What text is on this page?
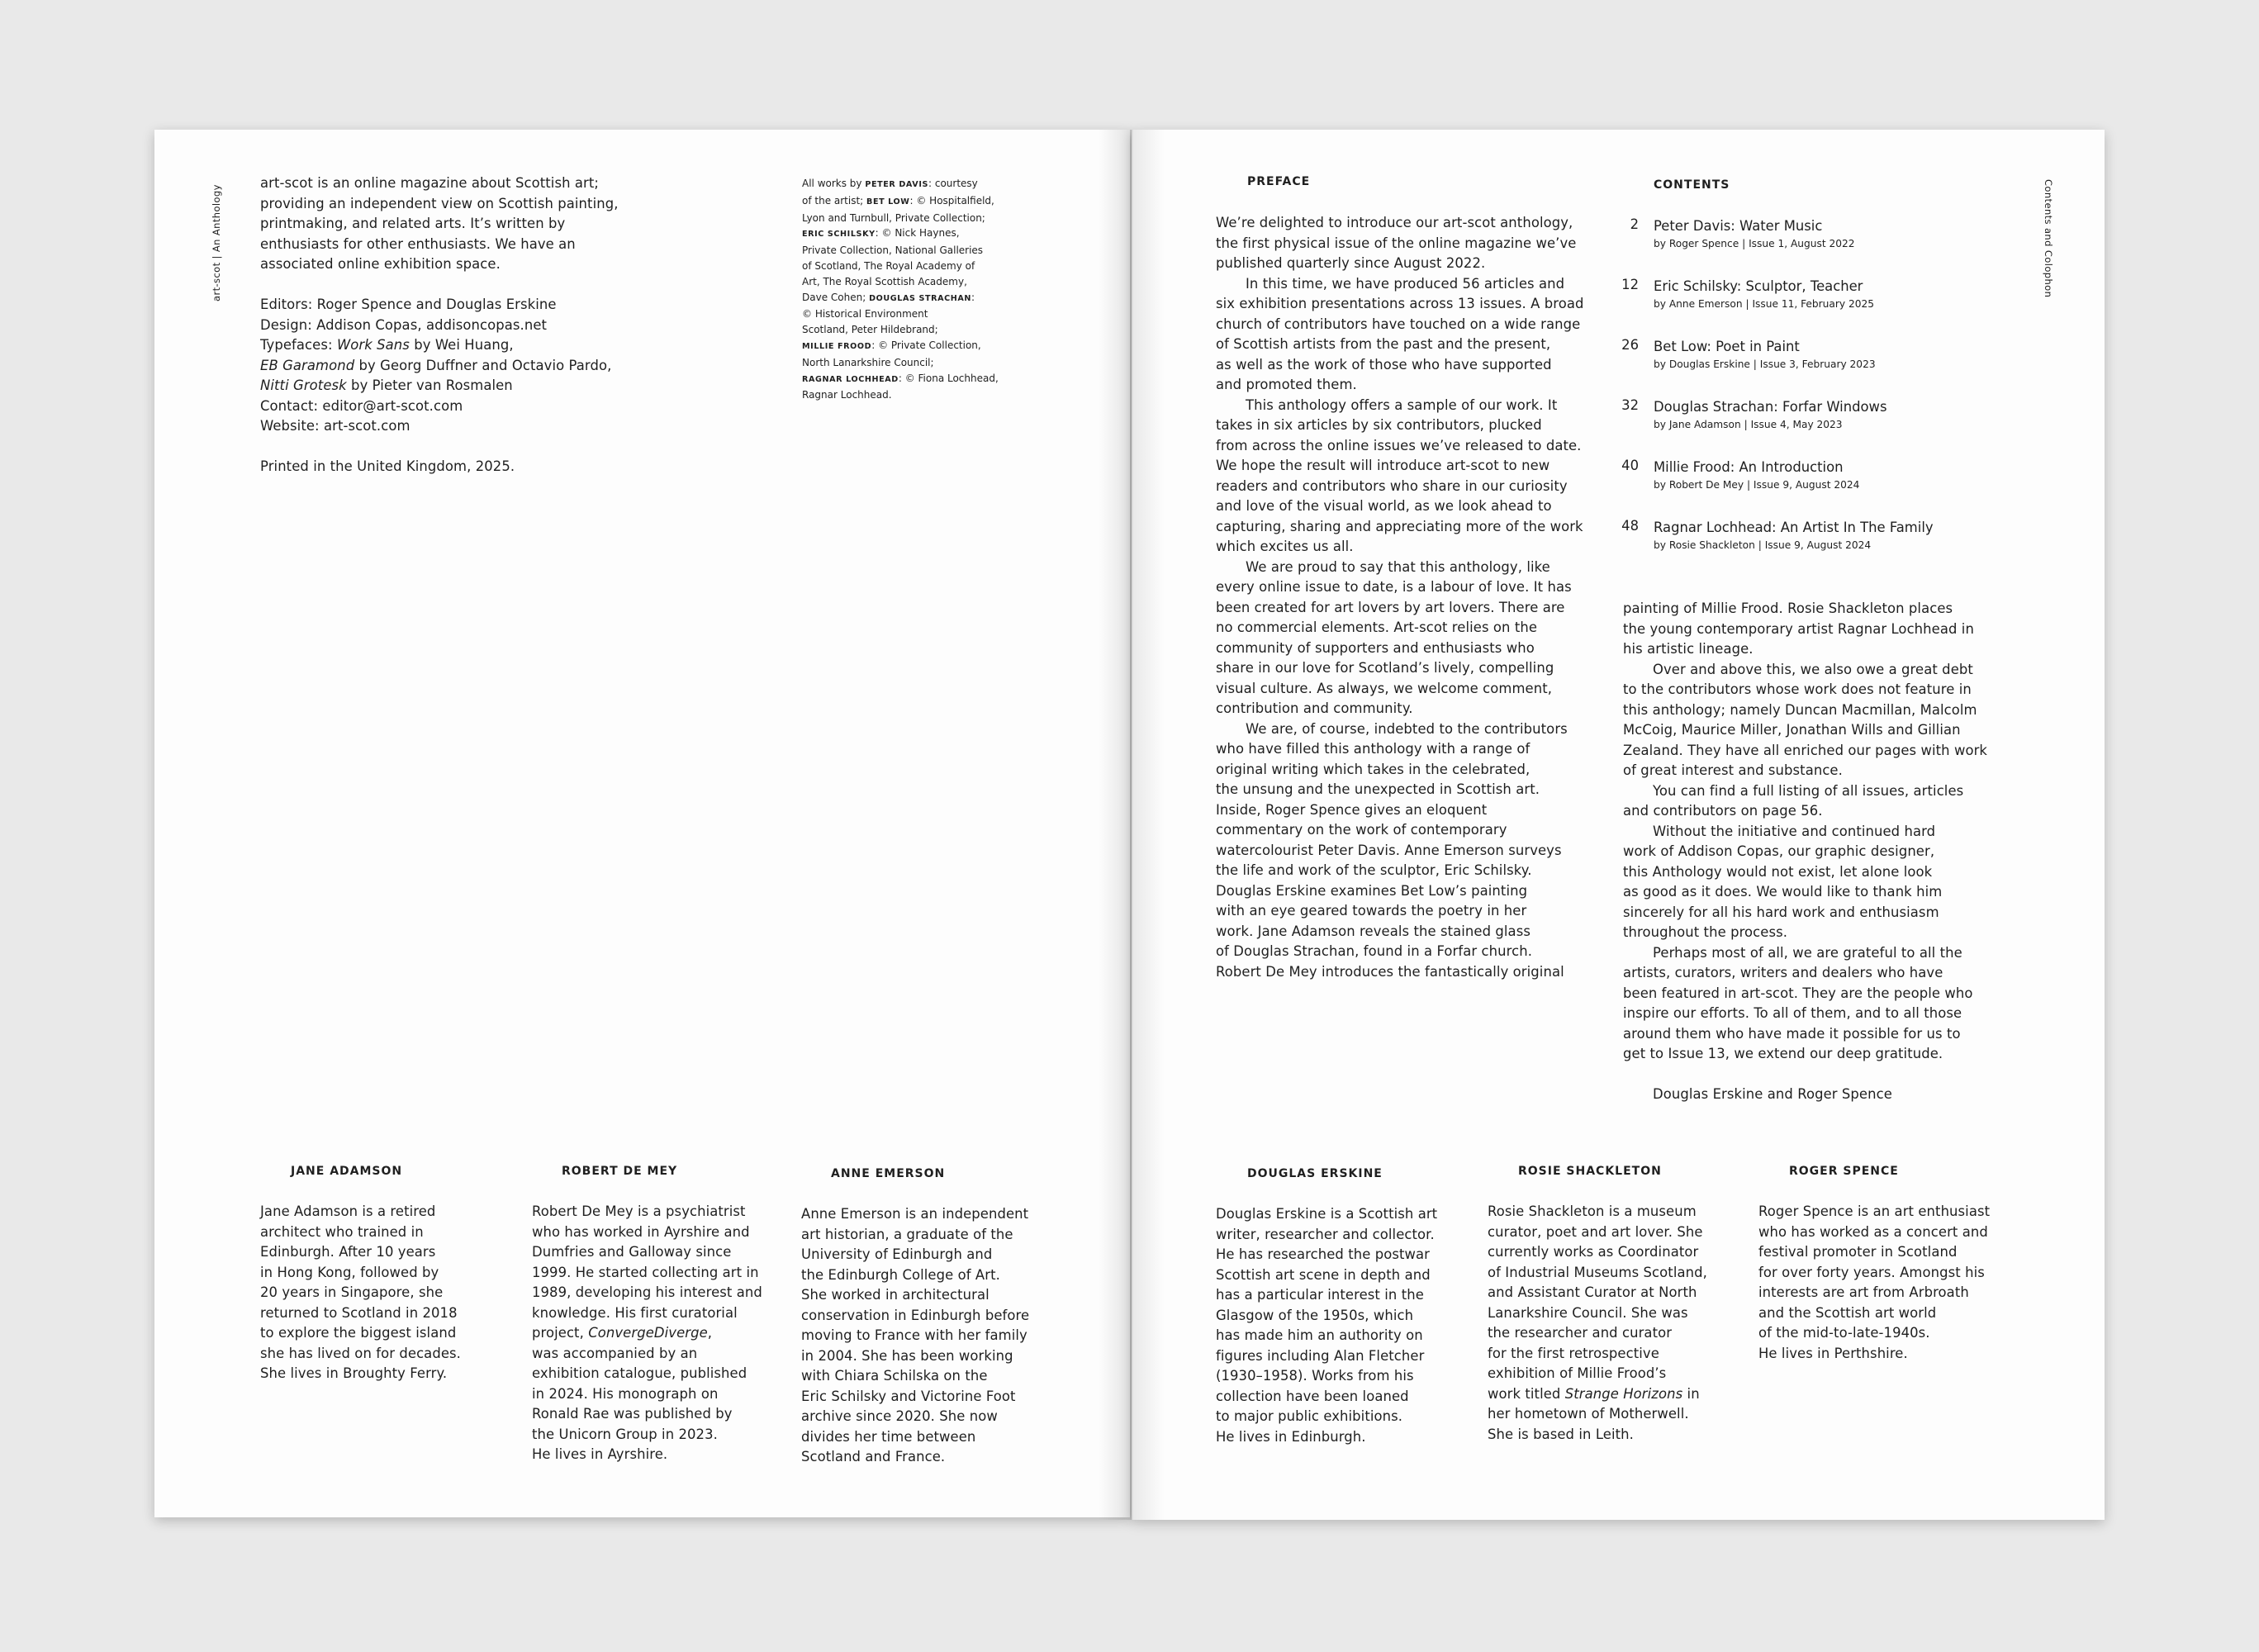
art-scot | An Anthology
art-scot is an online magazine about Scottish art;
providing an independent view on Scottish painting,
printmaking, and related arts. It’s written by
enthusiasts for other enthusiasts. We have an
associated online exhibition space.
Editors: Roger Spence and Douglas Erskine
Design: Addison Copas, addisoncopas.net
Typefaces: Work Sans by Wei Huang,
EB Garamond by Georg Duffner and Octavio Pardo,
Nitti Grotesk by Pieter van Rosmalen
Contact: editor@art-scot.com
Website: art-scot.com
Printed in the United Kingdom, 2025.
All works by PETER DAVIS: courtesy
of the artist; BET LOW: © Hospitalfield,
Lyon and Turnbull, Private Collection;
ERIC SCHILSKY: © Nick Haynes,
Private Collection, National Galleries
of Scotland, The Royal Academy of
Art, The Royal Scottish Academy,
Dave Cohen; DOUGLAS STRACHAN:
© Historical Environment
Scotland, Peter Hildebrand;
MILLIE FROOD: © Private Collection,
North Lanarkshire Council;
RAGNAR LOCHHEAD: © Fiona Lochhead,
Ragnar Lochhead.
JANE ADAMSON
Jane Adamson is a retired
architect who trained in
Edinburgh. After 10 years
in Hong Kong, followed by
20 years in Singapore, she
returned to Scotland in 2018
to explore the biggest island
she has lived on for decades.
She lives in Broughty Ferry.
ROBERT DE MEY
Robert De Mey is a psychiatrist
who has worked in Ayrshire and
Dumfries and Galloway since
1999. He started collecting art in
1989, developing his interest and
knowledge. His first curatorial
project, ConvergeDiverge,
was accompanied by an
exhibition catalogue, published
in 2024. His monograph on
Ronald Rae was published by
the Unicorn Group in 2023.
He lives in Ayrshire.
ANNE EMERSON
Anne Emerson is an independent
art historian, a graduate of the
University of Edinburgh and
the Edinburgh College of Art.
She worked in architectural
conservation in Edinburgh before
moving to France with her family
in 2004. She has been working
with Chiara Schilska on the
Eric Schilsky and Victorine Foot
archive since 2020. She now
divides her time between
Scotland and France.
Contents and Colophon
PREFACE
We’re delighted to introduce our art-scot anthology,
the first physical issue of the online magazine we’ve
published quarterly since August 2022.
In this time, we have produced 56 articles and
six exhibition presentations across 13 issues. A broad
church of contributors have touched on a wide range
of Scottish artists from the past and the present,
as well as the work of those who have supported
and promoted them.
This anthology offers a sample of our work. It
takes in six articles by six contributors, plucked
from across the online issues we’ve released to date.
We hope the result will introduce art-scot to new
readers and contributors who share in our curiosity
and love of the visual world, as we look ahead to
capturing, sharing and appreciating more of the work
which excites us all.
We are proud to say that this anthology, like
every online issue to date, is a labour of love. It has
been created for art lovers by art lovers. There are
no commercial elements. Art-scot relies on the
community of supporters and enthusiasts who
share in our love for Scotland’s lively, compelling
visual culture. As always, we welcome comment,
contribution and community.
We are, of course, indebted to the contributors
who have filled this anthology with a range of
original writing which takes in the celebrated,
the unsung and the unexpected in Scottish art.
Inside, Roger Spence gives an eloquent
commentary on the work of contemporary
watercolourist Peter Davis. Anne Emerson surveys
the life and work of the sculptor, Eric Schilsky.
Douglas Erskine examines Bet Low’s painting
with an eye geared towards the poetry in her
work. Jane Adamson reveals the stained glass
of Douglas Strachan, found in a Forfar church.
Robert De Mey introduces the fantastically original
painting of Millie Frood. Rosie Shackleton places
the young contemporary artist Ragnar Lochhead in
his artistic lineage.
Over and above this, we also owe a great debt
to the contributors whose work does not feature in
this anthology; namely Duncan Macmillan, Malcolm
McCoig, Maurice Miller, Jonathan Wills and Gillian
Zealand. They have all enriched our pages with work
of great interest and substance.
You can find a full listing of all issues, articles
and contributors on page 56.
Without the initiative and continued hard
work of Addison Copas, our graphic designer,
this Anthology would not exist, let alone look
as good as it does. We would like to thank him
sincerely for all his hard work and enthusiasm
throughout the process.
Perhaps most of all, we are grateful to all the
artists, curators, writers and dealers who have
been featured in art-scot. They are the people who
inspire our efforts. To all of them, and to all those
around them who have made it possible for us to
get to Issue 13, we extend our deep gratitude.
Douglas Erskine and Roger Spence
CONTENTS
2 Peter Davis: Water Music
by Roger Spence | Issue 1, August 2022
12 Eric Schilsky: Sculptor, Teacher
by Anne Emerson | Issue 11, February 2025
26 Bet Low: Poet in Paint
by Douglas Erskine | Issue 3, February 2023
32 Douglas Strachan: Forfar Windows
by Jane Adamson | Issue 4, May 2023
40 Millie Frood: An Introduction
by Robert De Mey | Issue 9, August 2024
48 Ragnar Lochhead: An Artist In The Family
by Rosie Shackleton | Issue 9, August 2024
DOUGLAS ERSKINE
Douglas Erskine is a Scottish art
writer, researcher and collector.
He has researched the postwar
Scottish art scene in depth and
has a particular interest in the
Glasgow of the 1950s, which
has made him an authority on
figures including Alan Fletcher
(1930–1958). Works from his
collection have been loaned
to major public exhibitions.
He lives in Edinburgh.
ROSIE SHACKLETON
Rosie Shackleton is a museum
curator, poet and art lover. She
currently works as Coordinator
of Industrial Museums Scotland,
and Assistant Curator at North
Lanarkshire Council. She was
the researcher and curator
for the first retrospective
exhibition of Millie Frood’s
work titled Strange Horizons in
her hometown of Motherwell.
She is based in Leith.
ROGER SPENCE
Roger Spence is an art enthusiast
who has worked as a concert and
festival promoter in Scotland
for over forty years. Amongst his
interests are art from Arbroath
and the Scottish art world
of the mid-to-late-1940s.
He lives in Perthshire.
